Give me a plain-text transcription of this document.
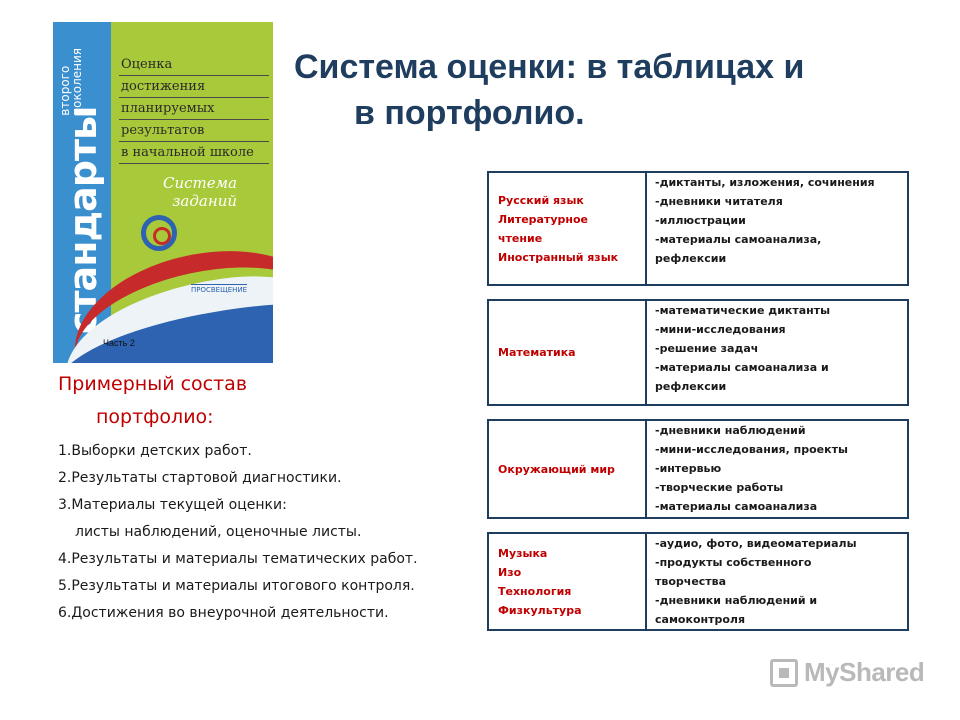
стандарты
второго
поколения	Оценка
достижения
планируемых
результатов
в начальной школе
Система
заданий
ПРОСВЕЩЕНИЕ
Часть 2
Система оценки: в таблицах и
в портфолио.
Примерный состав
портфолио:
1.Выборки детских работ.
2.Результаты стартовой диагностики.
3.Материалы текущей оценки:
листы наблюдений, оценочные листы.
4.Результаты и материалы тематических работ.
5.Результаты и материалы итогового контроля.
6.Достижения во внеурочной деятельности.
Русский язык
Литературное
чтение
Иностранный язык
-диктанты, изложения, сочинения
-дневники читателя
-иллюстрации
-материалы самоанализа,
рефлексии
Математика
-математические диктанты
-мини-исследования
-решение задач
-материалы самоанализа и
рефлексии
Окружающий мир
-дневники наблюдений
-мини-исследования, проекты
-интервью
-творческие работы
-материалы самоанализа
Музыка
Изо
Технология
Физкультура
-аудио, фото, видеоматериалы
-продукты собственного
творчества
-дневники наблюдений и
самоконтроля
MyShared
